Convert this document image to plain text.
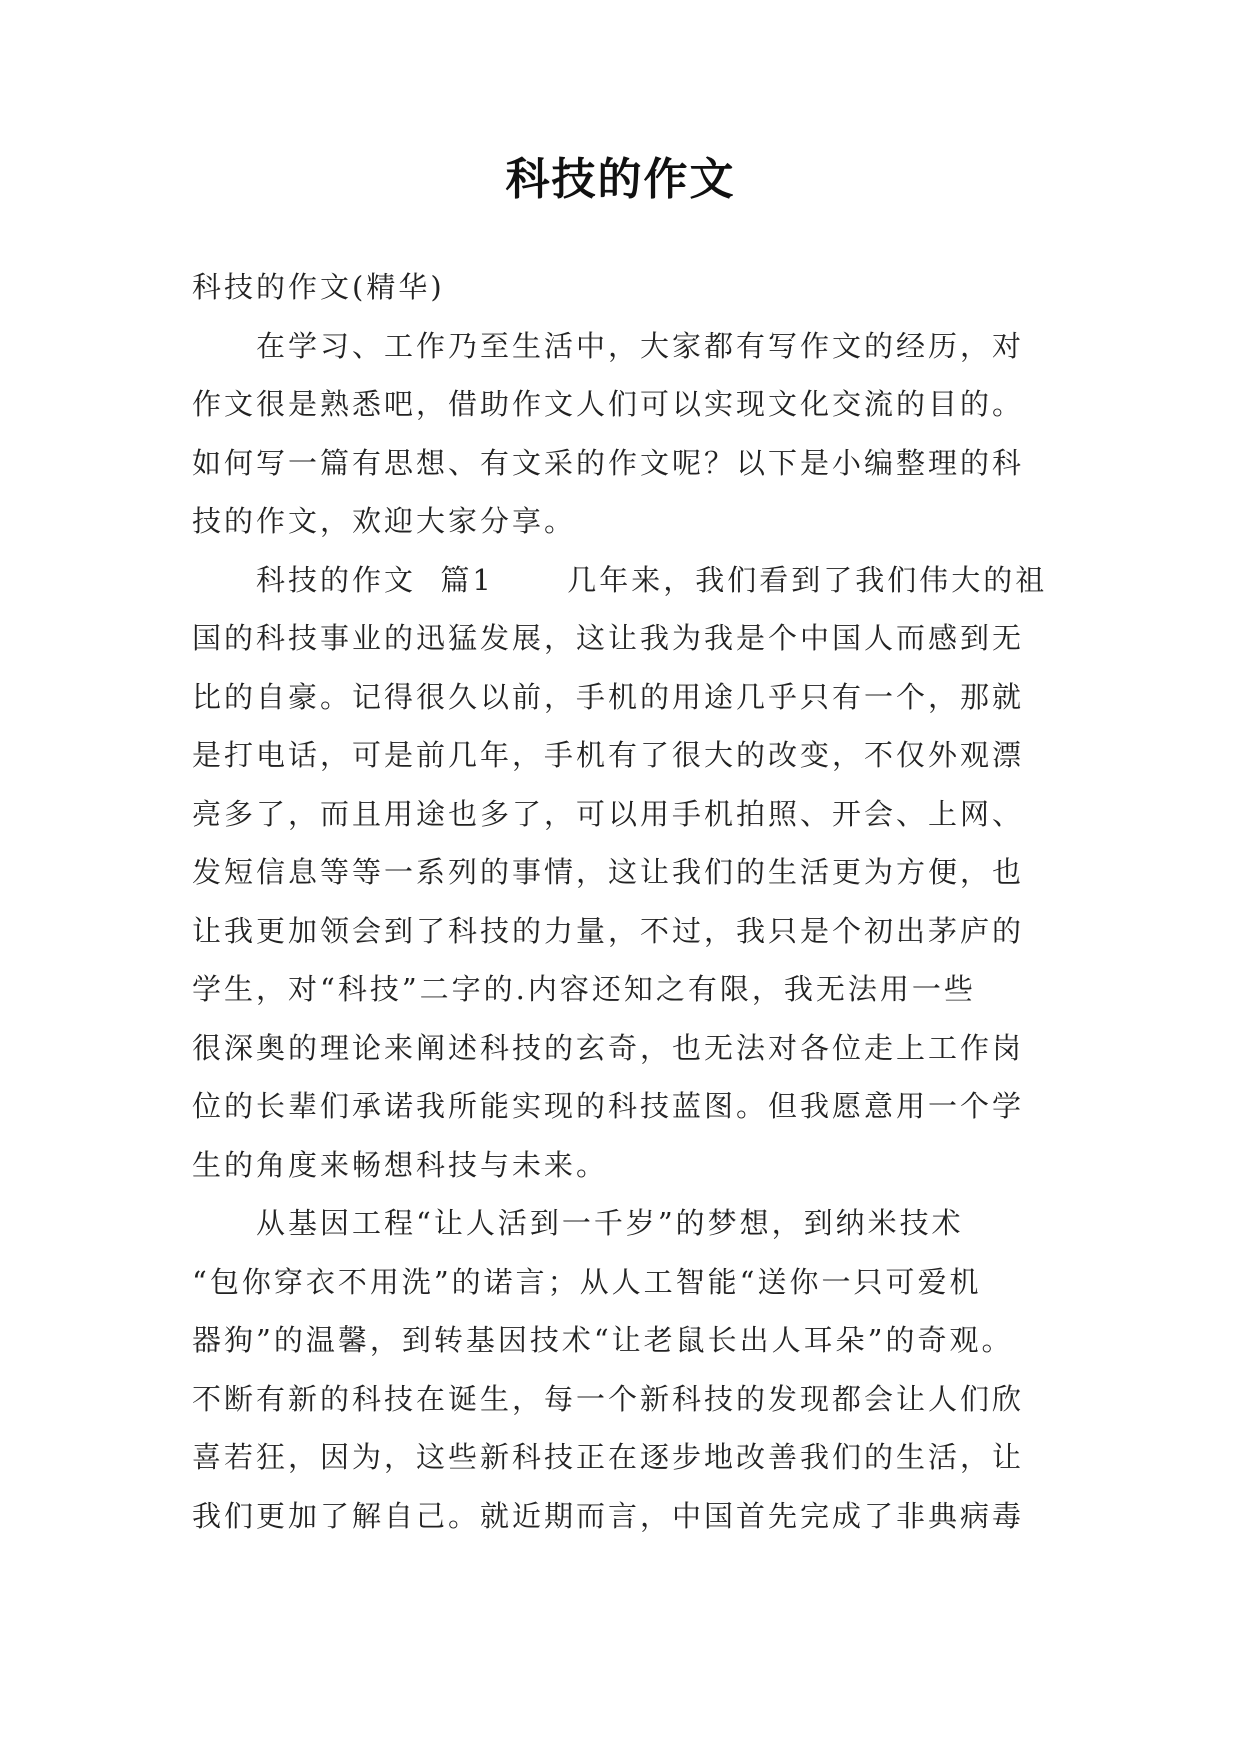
科技的作文

科技的作文(精华)

在学习、工作乃至生活中，大家都有写作文的经历，对
作文很是熟悉吧，借助作文人们可以实现文化交流的目的。
如何写一篇有思想、有文采的作文呢？以下是小编整理的科
技的作文，欢迎大家分享。

科技的作文  篇1      几年来，我们看到了我们伟大的祖
国的科技事业的迅猛发展，这让我为我是个中国人而感到无
比的自豪。记得很久以前，手机的用途几乎只有一个，那就
是打电话，可是前几年，手机有了很大的改变，不仅外观漂
亮多了，而且用途也多了，可以用手机拍照、开会、上网、
发短信息等等一系列的事情，这让我们的生活更为方便，也
让我更加领会到了科技的力量，不过，我只是个初出茅庐的
学生，对“科技”二字的.内容还知之有限，我无法用一些
很深奥的理论来阐述科技的玄奇，也无法对各位走上工作岗
位的长辈们承诺我所能实现的科技蓝图。但我愿意用一个学
生的角度来畅想科技与未来。

从基因工程“让人活到一千岁”的梦想，到纳米技术
“包你穿衣不用洗”的诺言；从人工智能“送你一只可爱机
器狗”的温馨，到转基因技术“让老鼠长出人耳朵”的奇观。
不断有新的科技在诞生，每一个新科技的发现都会让人们欣
喜若狂，因为，这些新科技正在逐步地改善我们的生活，让
我们更加了解自己。就近期而言，中国首先完成了非典病毒
